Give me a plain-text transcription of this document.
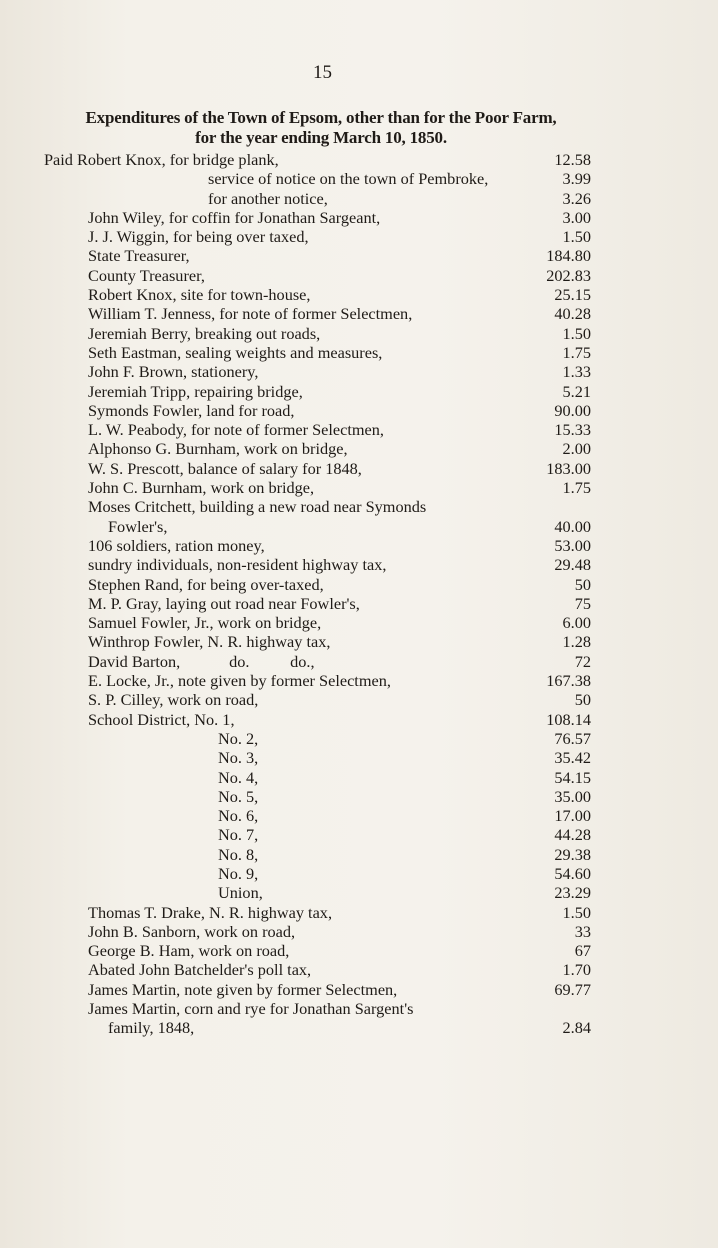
15
Expenditures of the Town of Epsom, other than for the Poor Farm,
for the year ending March 10, 1850.
Paid Robert Knox, for bridge plank,	12.58
service of notice on the town of Pembroke,	3.99
for another notice,	3.26
John Wiley, for coffin for Jonathan Sargeant,	3.00
J. J. Wiggin, for being over taxed,	1.50
State Treasurer,	184.80
County Treasurer,	202.83
Robert Knox, site for town-house,	25.15
William T. Jenness, for note of former Selectmen,	40.28
Jeremiah Berry, breaking out roads,	1.50
Seth Eastman, sealing weights and measures,	1.75
John F. Brown, stationery,	1.33
Jeremiah Tripp, repairing bridge,	5.21
Symonds Fowler, land for road,	90.00
L. W. Peabody, for note of former Selectmen,	15.33
Alphonso G. Burnham, work on bridge,	2.00
W. S. Prescott, balance of salary for 1848,	183.00
John C. Burnham, work on bridge,	1.75
Moses Critchett, building a new road near Symonds
Fowler's,	40.00
106 soldiers, ration money,	53.00
sundry individuals, non-resident highway tax,	29.48
Stephen Rand, for being over-taxed,	50
M. P. Gray, laying out road near Fowler's,	75
Samuel Fowler, Jr., work on bridge,	6.00
Winthrop Fowler, N. R. highway tax,	1.28
David Barton,            do.          do.,	72
E. Locke, Jr., note given by former Selectmen,	167.38
S. P. Cilley, work on road,	50
School District, No. 1,	108.14
No. 2,	76.57
No. 3,	35.42
No. 4,	54.15
No. 5,	35.00
No. 6,	17.00
No. 7,	44.28
No. 8,	29.38
No. 9,	54.60
Union,	23.29
Thomas T. Drake, N. R. highway tax,	1.50
John B. Sanborn, work on road,	33
George B. Ham, work on road,	67
Abated John Batchelder's poll tax,	1.70
James Martin, note given by former Selectmen,	69.77
James Martin, corn and rye for Jonathan Sargent's
family, 1848,	2.84
